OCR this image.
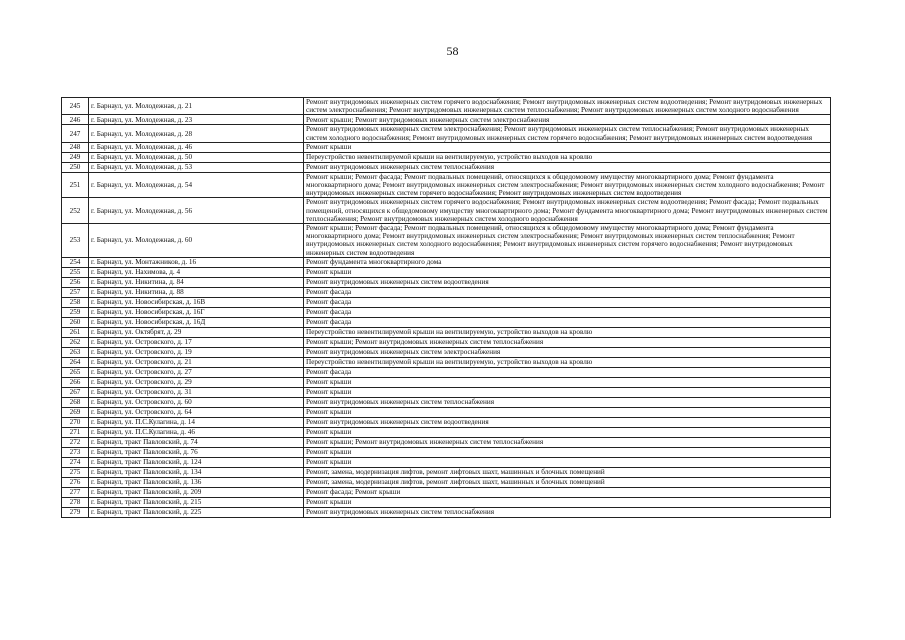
58
245	г. Барнаул, ул. Молодежная, д. 21	Ремонт внутридомовых инженерных систем горячего водоснабжения; Ремонт внутридомовых инженерных систем водоотведения; Ремонт внутридомовых инженерных систем электроснабжения; Ремонт внутридомовых инженерных систем теплоснабжения; Ремонт внутридомовых инженерных систем холодного водоснабжения
246	г. Барнаул, ул. Молодежная, д. 23	Ремонт крыши; Ремонт внутридомовых инженерных систем электроснабжения
247	г. Барнаул, ул. Молодежная, д. 28	Ремонт внутридомовых инженерных систем электроснабжения; Ремонт внутридомовых инженерных систем теплоснабжения; Ремонт внутридомовых инженерных систем холодного водоснабжения; Ремонт внутридомовых инженерных систем горячего водоснабжения; Ремонт внутридомовых инженерных систем водоотведения
248	г. Барнаул, ул. Молодежная, д. 46	Ремонт крыши
249	г. Барнаул, ул. Молодежная, д. 50	Переустройство невентилируемой крыши на вентилируемую, устройство выходов на кровлю
250	г. Барнаул, ул. Молодежная, д. 53	Ремонт внутридомовых инженерных систем теплоснабжения
251	г. Барнаул, ул. Молодежная, д. 54	Ремонт крыши; Ремонт фасада; Ремонт подвальных помещений, относящихся к общедомовому имуществу многоквартирного дома; Ремонт фундамента многоквартирного дома; Ремонт внутридомовых инженерных систем электроснабжения; Ремонт внутридомовых инженерных систем холодного водоснабжения; Ремонт внутридомовых инженерных систем горячего водоснабжения; Ремонт внутридомовых инженерных систем водоотведения
252	г. Барнаул, ул. Молодежная, д. 56	Ремонт внутридомовых инженерных систем горячего водоснабжения; Ремонт внутридомовых инженерных систем водоотведения; Ремонт фасада; Ремонт подвальных помещений, относящихся к общедомовому имуществу многоквартирного дома; Ремонт фундамента многоквартирного дома; Ремонт внутридомовых инженерных систем теплоснабжения; Ремонт внутридомовых инженерных систем холодного водоснабжения
253	г. Барнаул, ул. Молодежная, д. 60	Ремонт крыши; Ремонт фасада; Ремонт подвальных помещений, относящихся к общедомовому имуществу многоквартирного дома; Ремонт фундамента многоквартирного дома; Ремонт внутридомовых инженерных систем электроснабжения; Ремонт внутридомовых инженерных систем теплоснабжения; Ремонт внутридомовых инженерных систем холодного водоснабжения; Ремонт внутридомовых инженерных систем горячего водоснабжения; Ремонт внутридомовых инженерных систем водоотведения
254	г. Барнаул, ул. Монтажников, д. 16	Ремонт фундамента многоквартирного дома
255	г. Барнаул, ул. Нахимова, д. 4	Ремонт крыши
256	г. Барнаул, ул. Никитина, д. 84	Ремонт внутридомовых инженерных систем водоотведения
257	г. Барнаул, ул. Никитина, д. 88	Ремонт фасада
258	г. Барнаул, ул. Новосибирская, д. 16В	Ремонт фасада
259	г. Барнаул, ул. Новосибирская, д. 16Г	Ремонт фасада
260	г. Барнаул, ул. Новосибирская, д. 16Д	Ремонт фасада
261	г. Барнаул, ул. Октябрят, д. 29	Переустройство невентилируемой крыши на вентилируемую, устройство выходов на кровлю
262	г. Барнаул, ул. Островского, д. 17	Ремонт крыши; Ремонт внутридомовых инженерных систем теплоснабжения
263	г. Барнаул, ул. Островского, д. 19	Ремонт внутридомовых инженерных систем электроснабжения
264	г. Барнаул, ул. Островского, д. 21	Переустройство невентилируемой крыши на вентилируемую, устройство выходов на кровлю
265	г. Барнаул, ул. Островского, д. 27	Ремонт фасада
266	г. Барнаул, ул. Островского, д. 29	Ремонт крыши
267	г. Барнаул, ул. Островского, д. 31	Ремонт крыши
268	г. Барнаул, ул. Островского, д. 60	Ремонт внутридомовых инженерных систем теплоснабжения
269	г. Барнаул, ул. Островского, д. 64	Ремонт крыши
270	г. Барнаул, ул. П.С.Кулагина, д. 14	Ремонт внутридомовых инженерных систем водоотведения
271	г. Барнаул, ул. П.С.Кулагина, д. 46	Ремонт крыши
272	г. Барнаул, тракт Павловский, д. 74	Ремонт крыши; Ремонт внутридомовых инженерных систем теплоснабжения
273	г. Барнаул, тракт Павловский, д. 76	Ремонт крыши
274	г. Барнаул, тракт Павловский, д. 124	Ремонт крыши
275	г. Барнаул, тракт Павловский, д. 134	Ремонт, замена, модернизация лифтов, ремонт лифтовых шахт, машинных и блочных помещений
276	г. Барнаул, тракт Павловский, д. 136	Ремонт, замена, модернизация лифтов, ремонт лифтовых шахт, машинных и блочных помещений
277	г. Барнаул, тракт Павловский, д. 209	Ремонт фасада; Ремонт крыши
278	г. Барнаул, тракт Павловский, д. 215	Ремонт крыши
279	г. Барнаул, тракт Павловский, д. 225	Ремонт внутридомовых инженерных систем теплоснабжения
